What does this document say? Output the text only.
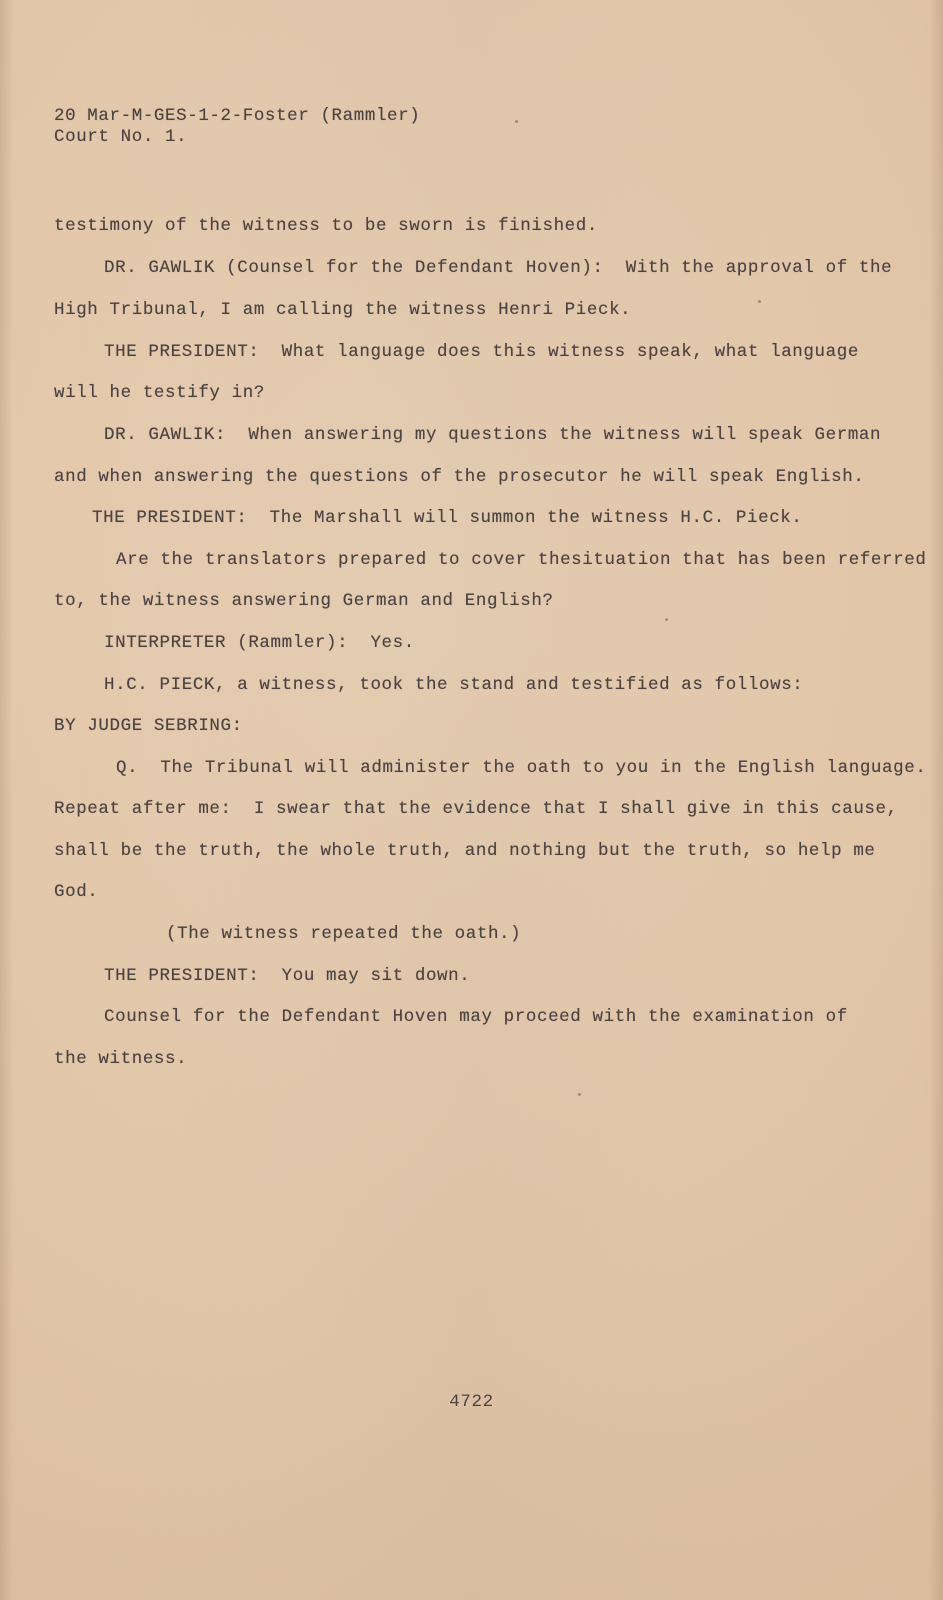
20 Mar-M-GES-1-2-Foster (Rammler)
Court No. 1.
testimony of the witness to be sworn is finished.
DR. GAWLIK (Counsel for the Defendant Hoven):  With the approval of the
High Tribunal, I am calling the witness Henri Pieck.
THE PRESIDENT:  What language does this witness speak, what language
will he testify in?
DR. GAWLIK:  When answering my questions the witness will speak German
and when answering the questions of the prosecutor he will speak English.
THE PRESIDENT:  The Marshall will summon the witness H.C. Pieck.
Are the translators prepared to cover thesituation that has been referred
to, the witness answering German and English?
INTERPRETER (Rammler):  Yes.
H.C. PIECK, a witness, took the stand and testified as follows:
BY JUDGE SEBRING:
Q.  The Tribunal will administer the oath to you in the English language.
Repeat after me:  I swear that the evidence that I shall give in this cause,
shall be the truth, the whole truth, and nothing but the truth, so help me
God.
(The witness repeated the oath.)
THE PRESIDENT:  You may sit down.
Counsel for the Defendant Hoven may proceed with the examination of
the witness.
4722
